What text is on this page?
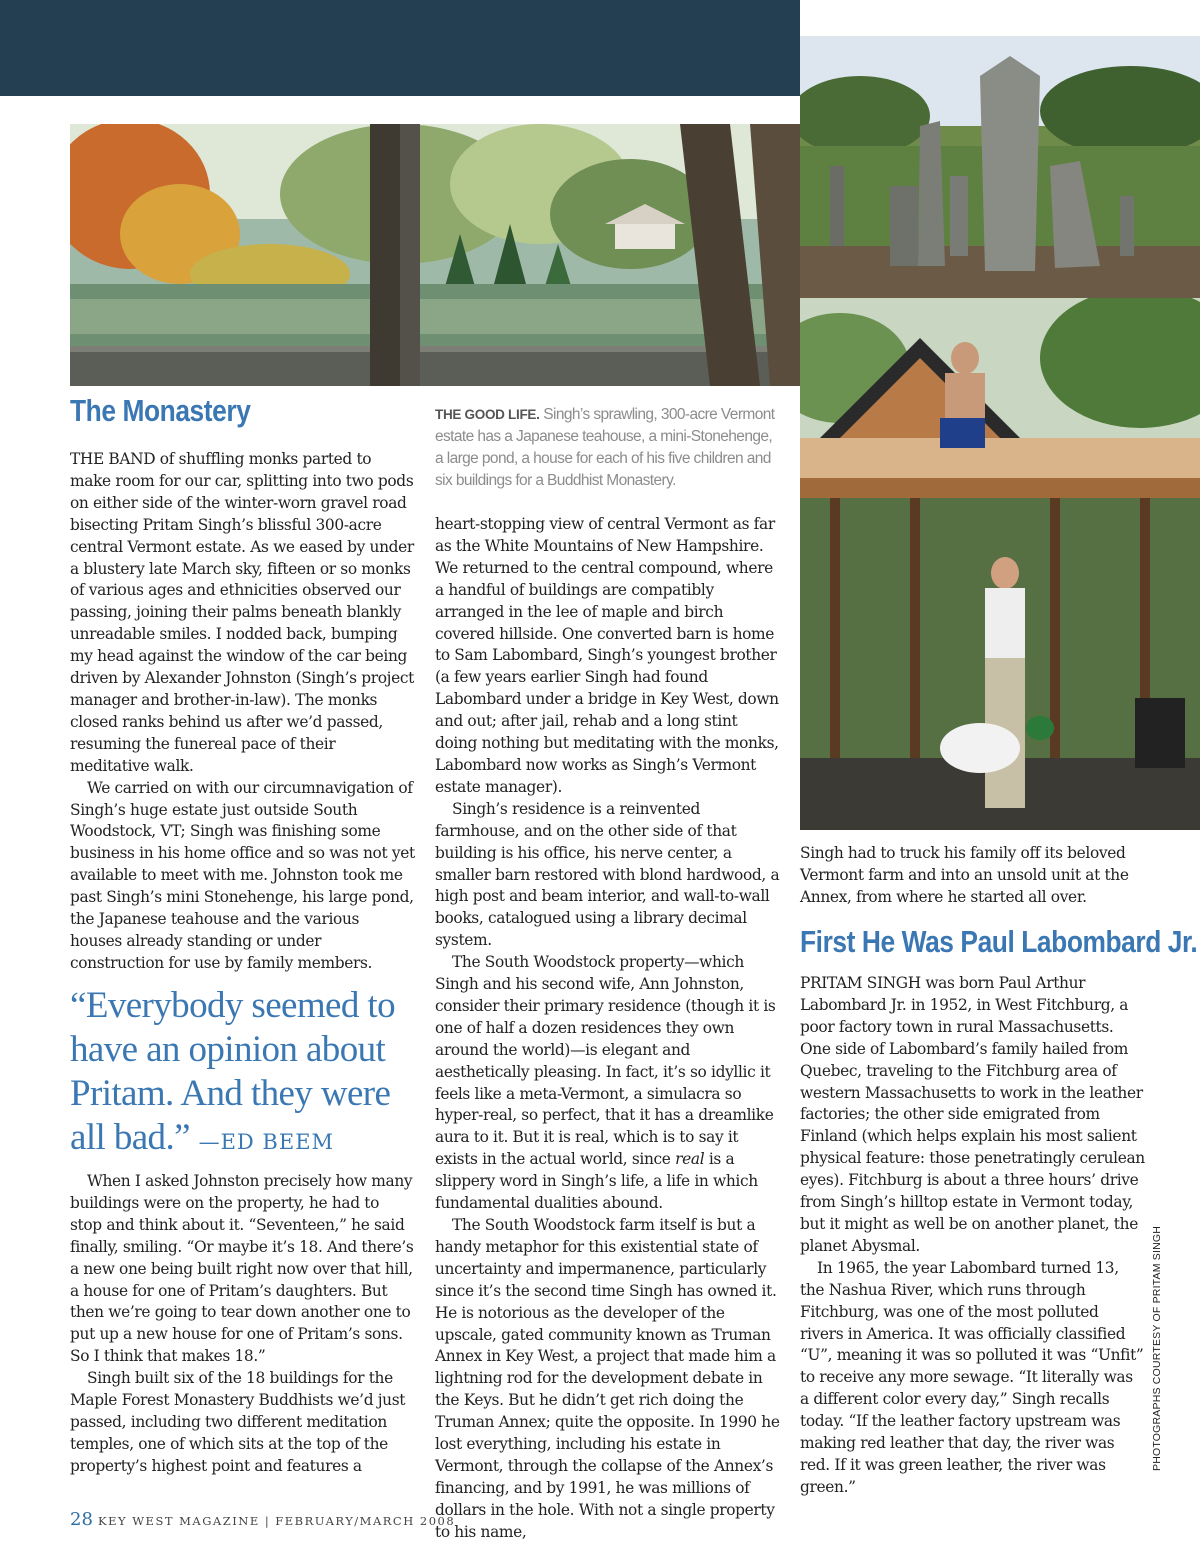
PHOTOGRAPHS COURTESY OF PRITAM SINGH
The Monastery	THE GOOD LIFE. Singh’s sprawling, 300-acre Vermont estate has a Japanese teahouse, a mini-Stonehenge, a large pond, a house for each of his five children and six buildings for a Buddhist Monastery.

THE BAND of shuffling monks parted to make room for our car, splitting into two pods on either side of the winter-worn gravel road bisecting Pritam Singh’s blissful 300-acre central Vermont estate. As we eased by under a blustery late March sky, fifteen or so monks of various ages and ethnicities observed our passing, joining their palms beneath blankly unreadable smiles. I nodded back, bumping my head against the window of the car being driven by Alexander Johnston (Singh’s project manager and brother-in-law). The monks closed ranks behind us after we’d passed, resuming the funereal pace of their meditative walk.

We carried on with our circumnavigation of Singh’s huge estate just outside South Woodstock, VT; Singh was finishing some business in his home office and so was not yet available to meet with me. Johnston took me past Singh’s mini Stonehenge, his large pond, the Japanese teahouse and the various houses already standing or under construction for use by family members.

“Everybody seemed to have an opinion about Pritam. And they were all bad.” —ED BEEM

When I asked Johnston precisely how many buildings were on the property, he had to stop and think about it. “Seventeen,” he said finally, smiling. “Or maybe it’s 18. And there’s a new one being built right now over that hill, a house for one of Pritam’s daughters. But then we’re going to tear down another one to put up a new house for one of Pritam’s sons. So I think that makes 18.”

Singh built six of the 18 buildings for the Maple Forest Monastery Buddhists we’d just passed, including two different meditation temples, one of which sits at the top of the property’s highest point and features a

heart-stopping view of central Vermont as far as the White Mountains of New Hampshire. We returned to the central compound, where a handful of buildings are compatibly arranged in the lee of maple and birch covered hillside. One converted barn is home to Sam Labombard, Singh’s youngest brother (a few years earlier Singh had found Labombard under a bridge in Key West, down and out; after jail, rehab and a long stint doing nothing but meditating with the monks, Labombard now works as Singh’s Vermont estate manager).

Singh’s residence is a reinvented farmhouse, and on the other side of that building is his office, his nerve center, a smaller barn restored with blond hardwood, a high post and beam interior, and wall-to-wall books, catalogued using a library decimal system.

The South Woodstock property—which Singh and his second wife, Ann Johnston, consider their primary residence (though it is one of half a dozen residences they own around the world)—is elegant and aesthetically pleasing. In fact, it’s so idyllic it feels like a meta-Vermont, a simulacra so hyper-real, so perfect, that it has a dreamlike aura to it. But it is real, which is to say it exists in the actual world, since real is a slippery word in Singh’s life, a life in which fundamental dualities abound.

The South Woodstock farm itself is but a handy metaphor for this existential state of uncertainty and impermanence, particularly since it’s the second time Singh has owned it. He is notorious as the developer of the upscale, gated community known as Truman Annex in Key West, a project that made him a lightning rod for the development debate in the Keys. But he didn’t get rich doing the Truman Annex; quite the opposite. In 1990 he lost everything, including his estate in Vermont, through the collapse of the Annex’s financing, and by 1991, he was millions of dollars in the hole. With not a single property to his name,

Singh had to truck his family off its beloved Vermont farm and into an unsold unit at the Annex, from where he started all over.

First He Was Paul Labombard Jr.

PRITAM SINGH was born Paul Arthur Labombard Jr. in 1952, in West Fitchburg, a poor factory town in rural Massachusetts. One side of Labombard’s family hailed from Quebec, traveling to the Fitchburg area of western Massachusetts to work in the leather factories; the other side emigrated from Finland (which helps explain his most salient physical feature: those penetratingly cerulean eyes). Fitchburg is about a three hours’ drive from Singh’s hilltop estate in Vermont today, but it might as well be on another planet, the planet Abysmal.

In 1965, the year Labombard turned 13, the Nashua River, which runs through Fitchburg, was one of the most polluted rivers in America. It was officially classified “U”, meaning it was so polluted it was “Unfit” to receive any more sewage. “It literally was a different color every day,” Singh recalls today. “If the leather factory upstream was making red leather that day, the river was red. If it was green leather, the river was green.”

28 KEY WEST MAGAZINE | FEBRUARY/MARCH 2008
